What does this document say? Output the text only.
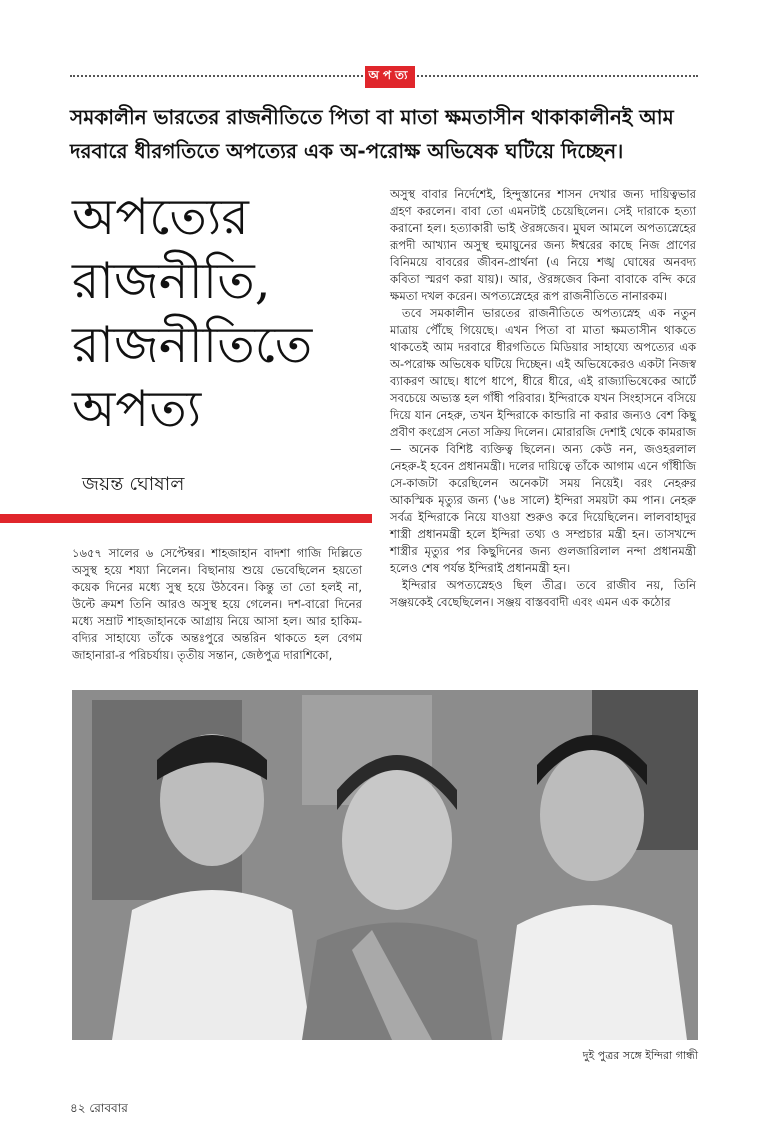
অপত্য
সমকালীন ভারতের রাজনীতিতে পিতা বা মাতা ক্ষমতাসীন থাকাকালীনই আম দরবারে ধীরগতিতে অপত্যের এক অ-পরোক্ষ অভিষেক ঘটিয়ে দিচ্ছেন।
অপত্যের
রাজনীতি,
রাজনীতিতে
অপত্য
জয়ন্ত ঘোষাল

১৬৫৭ সালের ৬ সেপ্টেম্বর। শাহজাহান বাদশা গাজি দিল্লিতে অসুস্থ হয়ে শয্যা নিলেন। বিছানায় শুয়ে ভেবেছিলেন হয়তো কয়েক দিনের মধ্যে সুস্থ হয়ে উঠবেন। কিন্তু তা তো হলই না, উল্টে ক্রমশ তিনি আরও অসুস্থ হয়ে গেলেন। দশ-বারো দিনের মধ্যে সম্রাট শাহজাহানকে আগ্রায় নিয়ে আসা হল। আর হাকিম-বদ্যির সাহায্যে তাঁকে অন্তঃপুরে অন্তরিন থাকতে হল বেগম জাহানারা-র পরিচর্যায়। তৃতীয় সন্তান, জেষ্ঠপুত্র দারাশিকো,

অসুস্থ বাবার নির্দেশেই, হিন্দুস্তানের শাসন দেখার জন্য দায়িত্বভার গ্রহণ করলেন। বাবা তো এমনটাই চেয়েছিলেন। সেই দারাকে হত্যা করানো হল। হত্যাকারী ভাই ঔরঙ্গজেব। মুঘল আমলে অপত্যস্নেহের রূপদী আখ্যান অসুস্থ হুমায়ুনের জন্য ঈশ্বরের কাছে নিজ প্রাণের বিনিময়ে বাবরের জীবন-প্রার্থনা (এ নিয়ে শঙ্খ ঘোষের অনবদ্য কবিতা স্মরণ করা যায়)। আর, ঔরঙ্গজেব কিনা বাবাকে বন্দি করে ক্ষমতা দখল করেন। অপত্যস্নেহের রূপ রাজনীতিতে নানারকম।

তবে সমকালীন ভারতের রাজনীতিতে অপত্যস্নেহ এক নতুন মাত্রায় পৌঁছে গিয়েছে। এখন পিতা বা মাতা ক্ষমতাসীন থাকতে থাকতেই আম দরবারে ধীরগতিতে মিডিয়ার সাহায্যে অপত্যের এক অ-পরোক্ষ অভিষেক ঘটিয়ে দিচ্ছেন। এই অভিষেকেরও একটা নিজস্ব ব্যাকরণ আছে। ধাপে ধাপে, ধীরে ধীরে, এই রাজ্যাভিষেকের আর্টে সবচেয়ে অভ্যস্ত হল গাঁধী পরিবার। ইন্দিরাকে যখন সিংহাসনে বসিয়ে দিয়ে যান নেহরু, তখন ইন্দিরাকে কান্ডারি না করার জন্যও বেশ কিছু প্রবীণ কংগ্রেস নেতা সক্রিয় দিলেন। মোরারজি দেশাই থেকে কামরাজ— অনেক বিশিষ্ট ব্যক্তিত্ব ছিলেন। অন্য কেউ নন, জওহরলাল নেহরু-ই হবেন প্রধানমন্ত্রী। দলের দায়িত্বে তাঁকে আগাম এনে গাঁধীজি সে-কাজটা করেছিলেন অনেকটা সময় নিয়েই। বরং নেহরুর আকস্মিক মৃত্যুর জন্য ('৬৪ সালে) ইন্দিরা সময়টা কম পান। নেহরু সর্বত্র ইন্দিরাকে নিয়ে যাওয়া শুরুও করে দিয়েছিলেন। লালবাহাদুর শাস্ত্রী প্রধানমন্ত্রী হলে ইন্দিরা তথ্য ও সম্প্রচার মন্ত্রী হন। তাসখন্দে শাস্ত্রীর মৃত্যুর পর কিছুদিনের জন্য গুলজারিলাল নন্দা প্রধানমন্ত্রী হলেও শেষ পর্যন্ত ইন্দিরাই প্রধানমন্ত্রী হন।

ইন্দিরার অপত্যস্নেহও ছিল তীব্র। তবে রাজীব নয়, তিনি সঞ্জয়কেই বেছেছিলেন। সঞ্জয় বাস্তববাদী এবং এমন এক কঠোর

দুই পুত্রর সঙ্গে ইন্দিরা গান্ধী
৪২ রোববার
